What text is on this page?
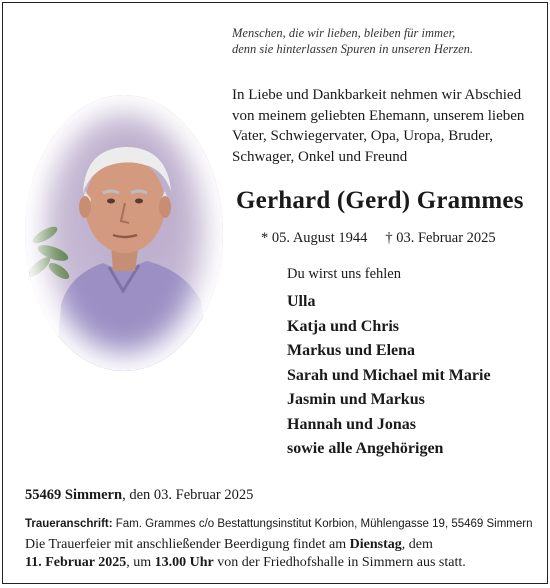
Menschen, die wir lieben, bleiben für immer,
denn sie hinterlassen Spuren in unseren Herzen.
In Liebe und Dankbarkeit nehmen wir Abschied
von meinem geliebten Ehemann, unserem lieben
Vater, Schwiegervater, Opa, Uropa, Bruder,
Schwager, Onkel und Freund
Gerhard (Gerd) Grammes
* 05. August 1944 † 03. Februar 2025
Du wirst uns fehlen
Ulla
Katja und Chris
Markus und Elena
Sarah und Michael mit Marie
Jasmin und Markus
Hannah und Jonas
sowie alle Angehörigen
55469 Simmern, den 03. Februar 2025
Traueranschrift: Fam. Grammes c/o Bestattungsinstitut Korbion, Mühlengasse 19, 55469 Simmern
Die Trauerfeier mit anschließender Beerdigung findet am Dienstag, dem
11. Februar 2025, um 13.00 Uhr von der Friedhofshalle in Simmern aus statt.
